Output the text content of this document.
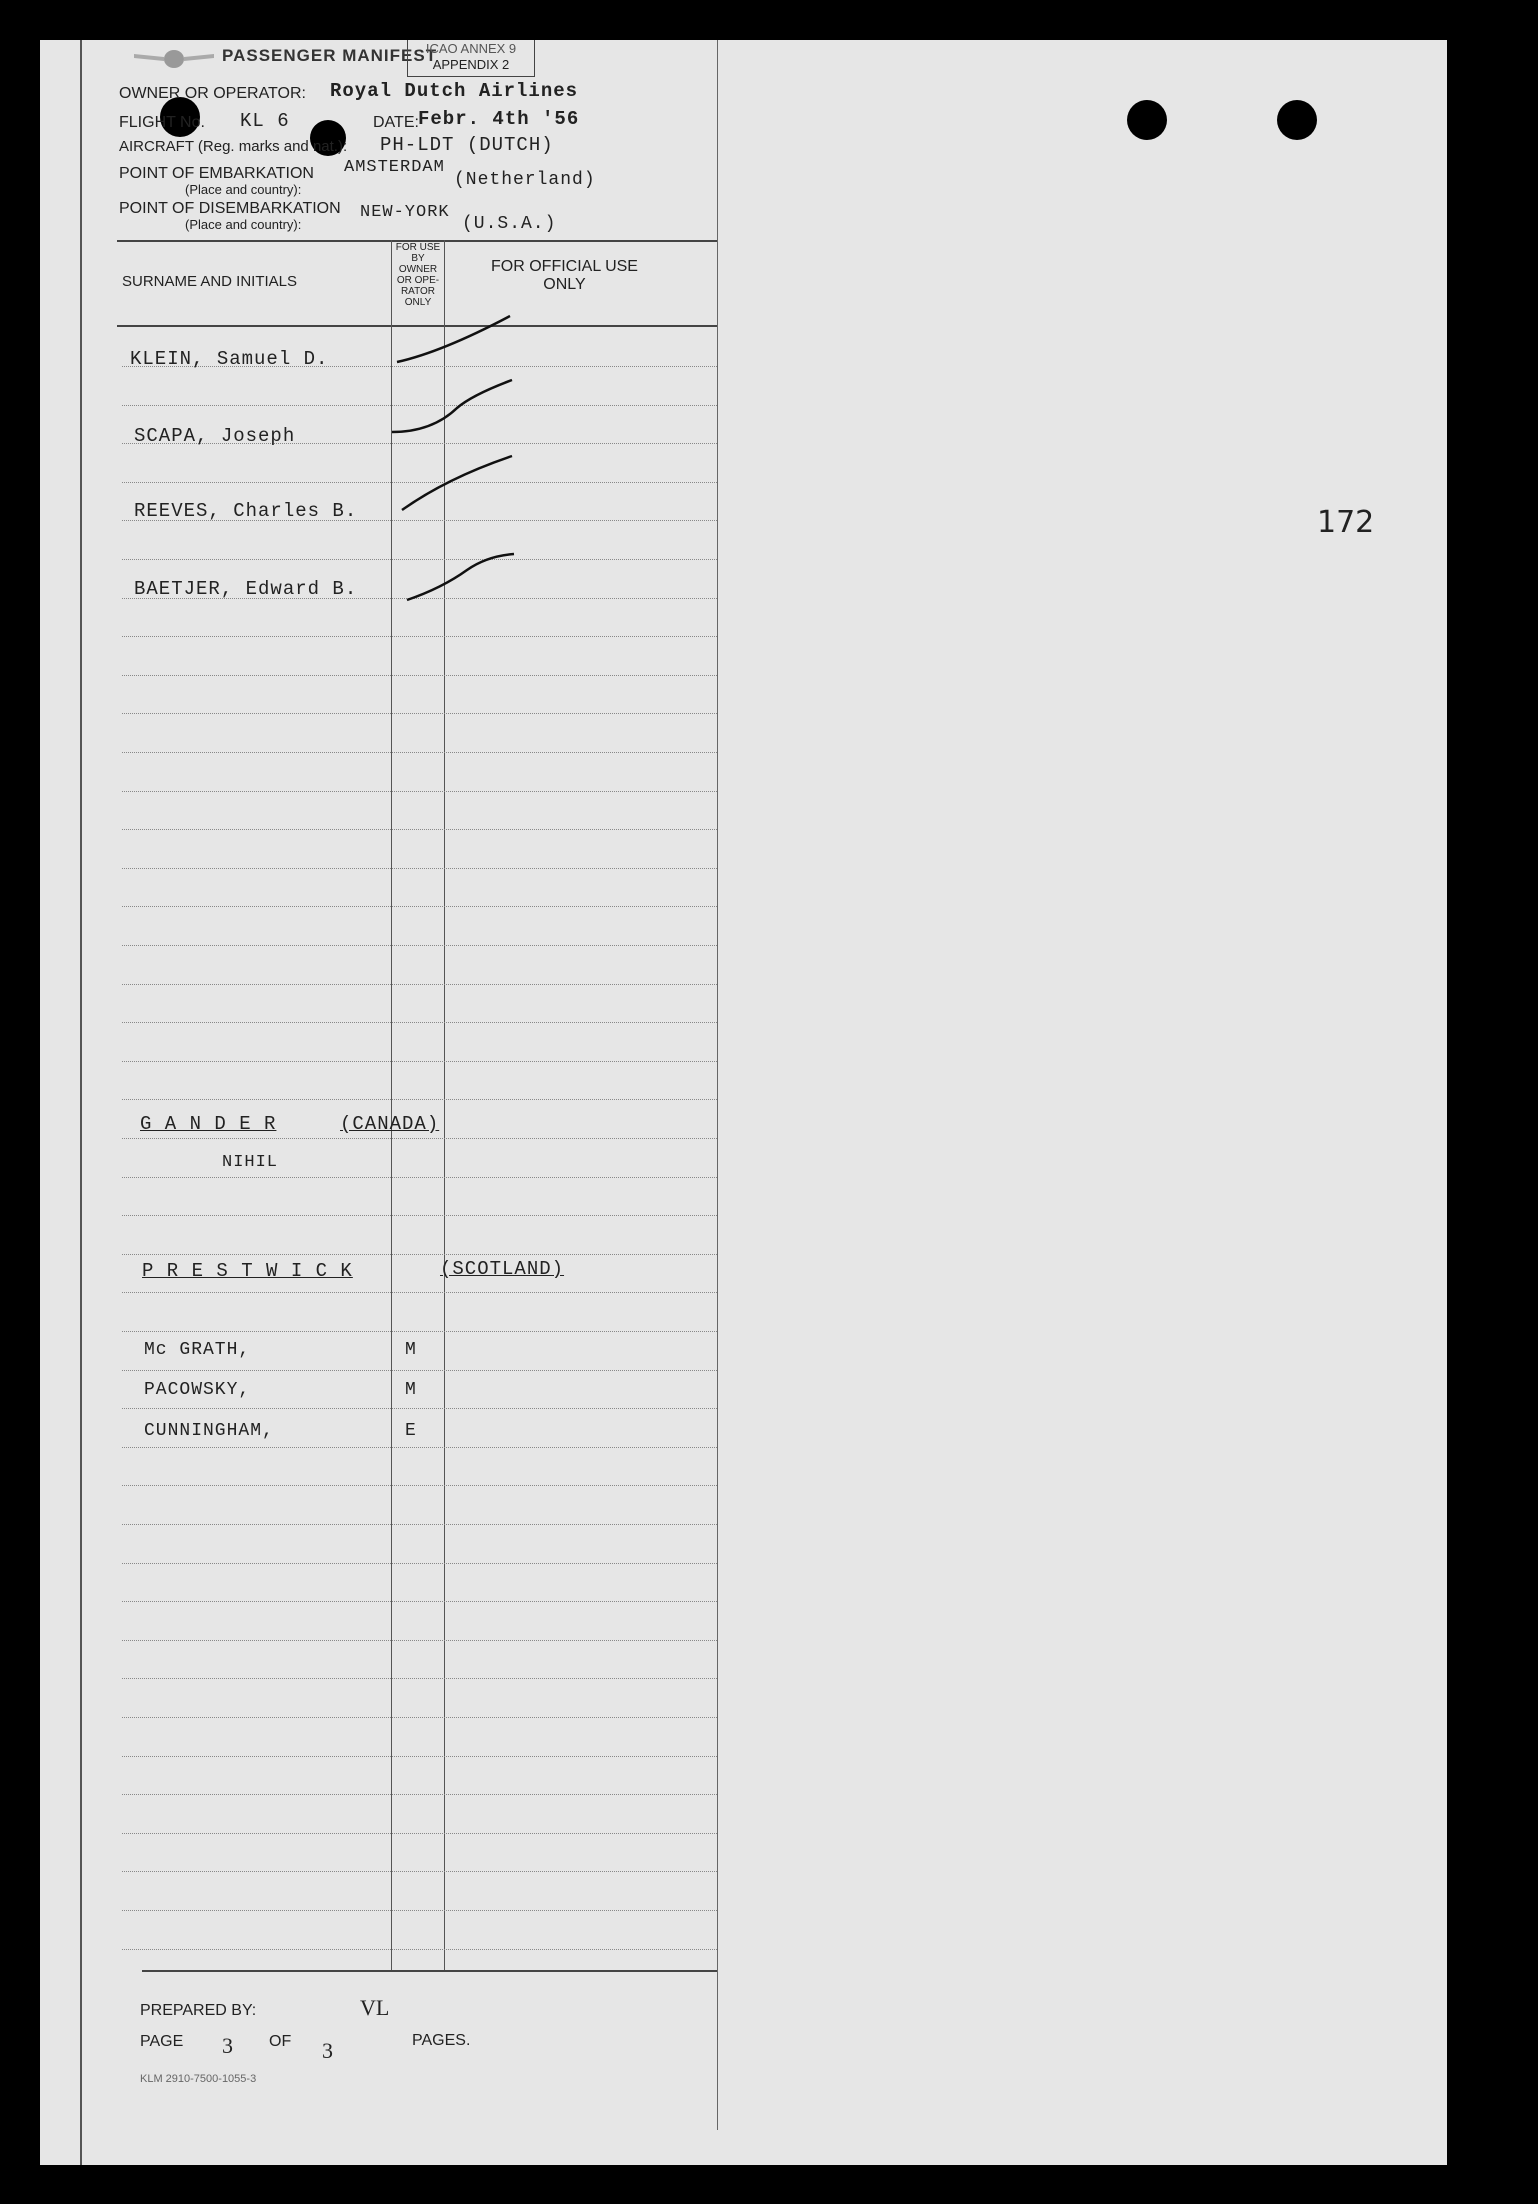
PASSENGER MANIFEST
ICAO ANNEX 9
APPENDIX 2
OWNER OR OPERATOR: Royal Dutch Airlines
FLIGHT No. KL 6	DATE: Febr. 4th '56
AIRCRAFT (Reg. marks and nat.): PH-LDT (DUTCH)
POINT OF EMBARKATION
(Place and country):
AMSTERDAM
(Netherland)
POINT OF DISEMBARKATION
(Place and country):
NEW-YORK
(U.S.A.)
SURNAME AND INITIALS
FOR USE
BY
OWNER
OR OPE-
RATOR
ONLY
FOR OFFICIAL USE
ONLY
KLEIN, Samuel D.
SCAPA, Joseph
REEVES, Charles B.
BAETJER, Edward B.
G A N D E R	(CANADA)
NIHIL
P R E S T W I C K	(SCOTLAND)
Mc GRATH,	M
PACOWSKY,	M
CUNNINGHAM,	E
PREPARED BY:	VL
PAGE 3 OF 3	PAGES.
KLM 2910-7500-1055-3
172
